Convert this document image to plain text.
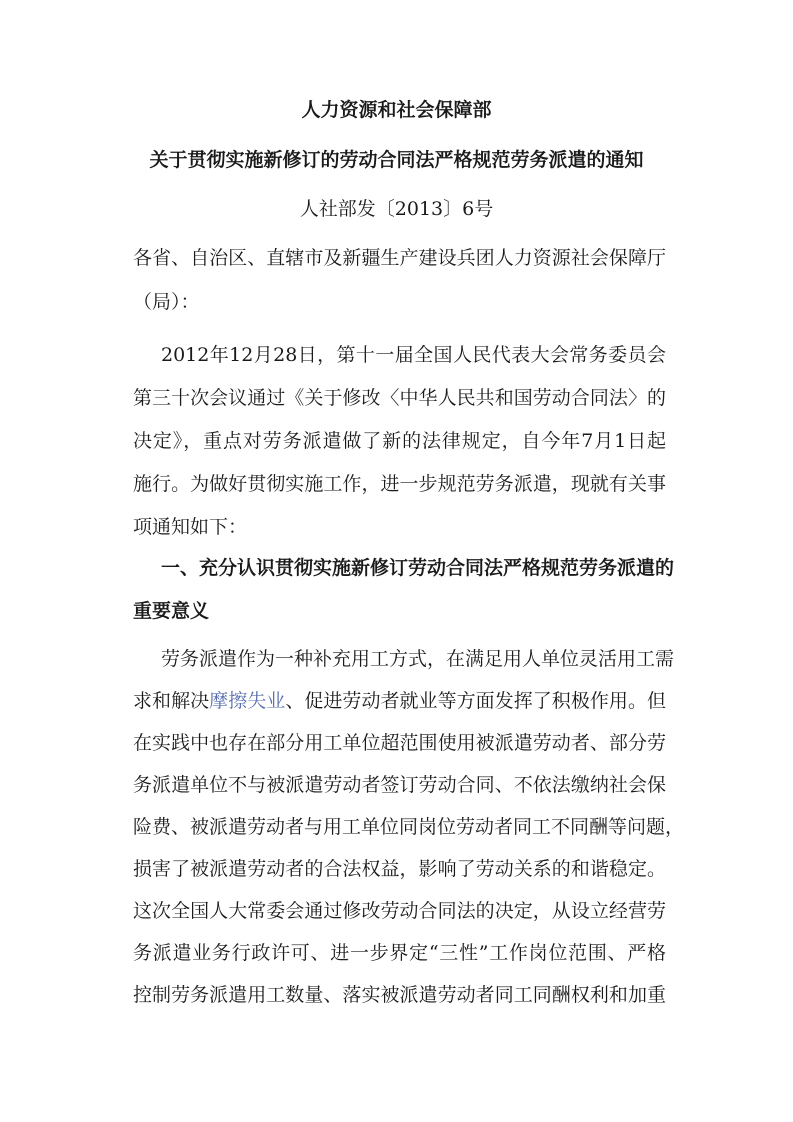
人力资源和社会保障部
关于贯彻实施新修订的劳动合同法严格规范劳务派遣的通知
人社部发〔2013〕6号
各省、自治区、直辖市及新疆生产建设兵团人力资源社会保障厅
（局）：
2012年12月28日，第十一届全国人民代表大会常务委员会
第三十次会议通过《关于修改〈中华人民共和国劳动合同法〉的
决定》，重点对劳务派遣做了新的法律规定，自今年7月1日起
施行。为做好贯彻实施工作，进一步规范劳务派遣，现就有关事
项通知如下：
一、充分认识贯彻实施新修订劳动合同法严格规范劳务派遣的
重要意义
劳务派遣作为一种补充用工方式，在满足用人单位灵活用工需
求和解决摩擦失业、促进劳动者就业等方面发挥了积极作用。但
在实践中也存在部分用工单位超范围使用被派遣劳动者、部分劳
务派遣单位不与被派遣劳动者签订劳动合同、不依法缴纳社会保
险费、被派遣劳动者与用工单位同岗位劳动者同工不同酬等问题，
损害了被派遣劳动者的合法权益，影响了劳动关系的和谐稳定。
这次全国人大常委会通过修改劳动合同法的决定，从设立经营劳
务派遣业务行政许可、进一步界定“三性”工作岗位范围、严格
控制劳务派遣用工数量、落实被派遣劳动者同工同酬权利和加重
